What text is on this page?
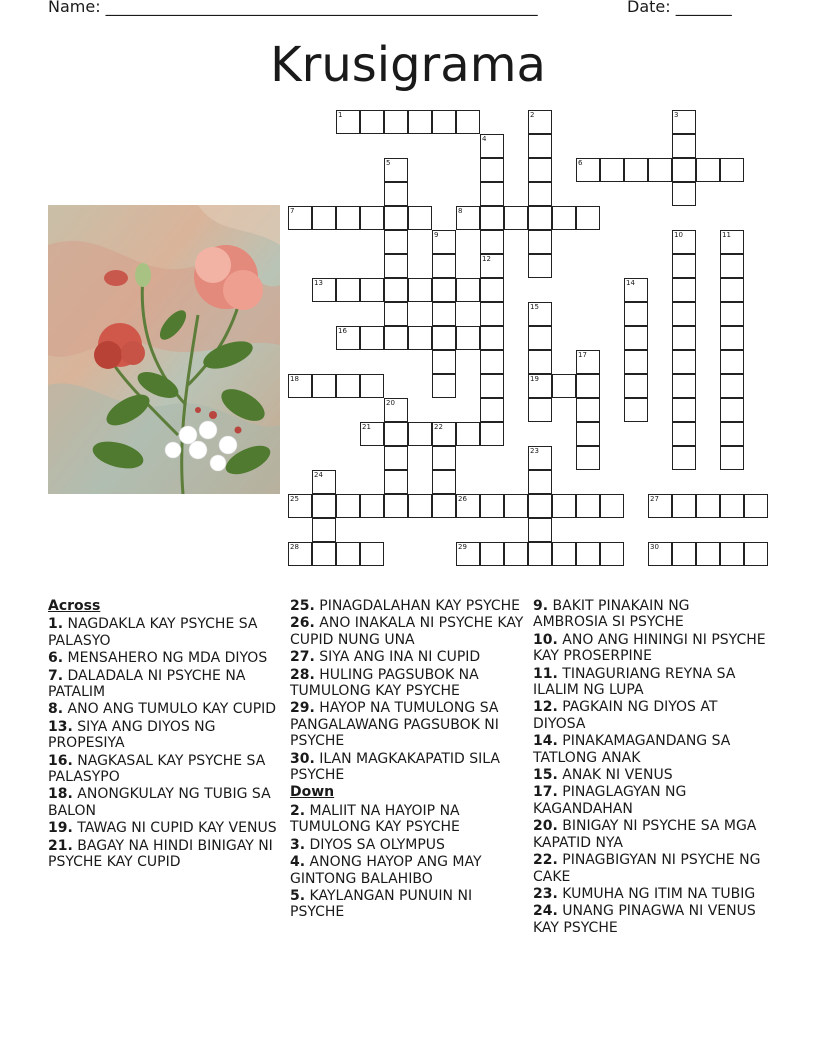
Name: ______________________________________________________	Date: _______
Krusigrama
1	2	3
4
5
7	8
9	10	11
12
13	14
15
16
17
18	19
20
21	22
23
24
25	26	27
28	29	30
6
Across
1. NAGDAKLA KAY PSYCHE SA PALASYO
6. MENSAHERO NG MDA DIYOS
7. DALADALA NI PSYCHE NA PATALIM
8. ANO ANG TUMULO KAY CUPID
13. SIYA ANG DIYOS NG PROPESIYA
16. NAGKASAL KAY PSYCHE SA PALASYPO
18. ANONGKULAY NG TUBIG SA BALON
19. TAWAG NI CUPID KAY VENUS
21. BAGAY NA HINDI BINIGAY NI PSYCHE KAY CUPID
25. PINAGDALAHAN KAY PSYCHE
26. ANO INAKALA NI PSYCHE KAY CUPID NUNG UNA
27. SIYA ANG INA NI CUPID
28. HULING PAGSUBOK NA TUMULONG KAY PSYCHE
29. HAYOP NA TUMULONG SA PANGALAWANG PAGSUBOK NI PSYCHE
30. ILAN MAGKAKAPATID SILA PSYCHE
Down
2. MALIIT NA HAYOIP NA TUMULONG KAY PSYCHE
3. DIYOS SA OLYMPUS
4. ANONG HAYOP ANG MAY GINTONG BALAHIBO
5. KAYLANGAN PUNUIN NI PSYCHE
9. BAKIT PINAKAIN NG AMBROSIA SI PSYCHE
10. ANO ANG HININGI NI PSYCHE KAY PROSERPINE
11. TINAGURIANG REYNA SA ILALIM NG LUPA
12. PAGKAIN NG DIYOS AT DIYOSA
14. PINAKAMAGANDANG SA TATLONG ANAK
15. ANAK NI VENUS
17. PINAGLAGYAN NG KAGANDAHAN
20. BINIGAY NI PSYCHE SA MGA KAPATID NYA
22. PINAGBIGYAN NI PSYCHE NG CAKE
23. KUMUHA NG ITIM NA TUBIG
24. UNANG PINAGWA NI VENUS KAY PSYCHE
